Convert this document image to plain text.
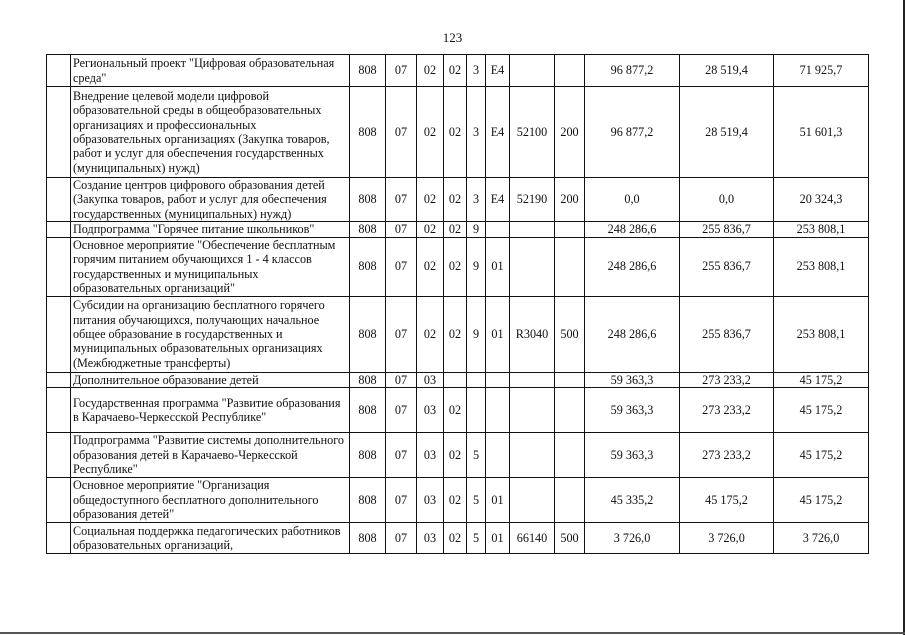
123
	Региональный проект "Цифровая образовательная среда"	808	07	02	02	3	E4			96 877,2	28 519,4	71 925,7
	Внедрение целевой модели цифровой образовательной среды в общеобразовательных организациях и профессиональных образовательных организациях (Закупка товаров, работ и услуг для обеспечения государственных (муниципальных) нужд)	808	07	02	02	3	E4	52100	200	96 877,2	28 519,4	51 601,3
	Создание центров цифрового образования детей (Закупка товаров, работ и услуг для обеспечения государственных (муниципальных) нужд)	808	07	02	02	3	E4	52190	200	0,0	0,0	20 324,3
	Подпрограмма "Горячее питание школьников"	808	07	02	02	9				248 286,6	255 836,7	253 808,1
	Основное мероприятие "Обеспечение бесплатным горячим питанием обучающихся 1 - 4 классов государственных и муниципальных образовательных организаций"	808	07	02	02	9	01			248 286,6	255 836,7	253 808,1
	Субсидии на организацию бесплатного горячего питания обучающихся, получающих начальное общее образование в государственных и муниципальных образовательных организациях (Межбюджетные трансферты)	808	07	02	02	9	01	R3040	500	248 286,6	255 836,7	253 808,1
	Дополнительное образование детей	808	07	03						59 363,3	273 233,2	45 175,2
	Государственная программа "Развитие образования в Карачаево-Черкесской Республике"	808	07	03	02					59 363,3	273 233,2	45 175,2
	Подпрограмма "Развитие системы дополнительного образования детей в Карачаево-Черкесской Республике"	808	07	03	02	5				59 363,3	273 233,2	45 175,2
	Основное мероприятие "Организация общедоступного бесплатного дополнительного образования детей"	808	07	03	02	5	01			45 335,2	45 175,2	45 175,2
	Социальная поддержка педагогических работников образовательных организаций,	808	07	03	02	5	01	66140	500	3 726,0	3 726,0	3 726,0
